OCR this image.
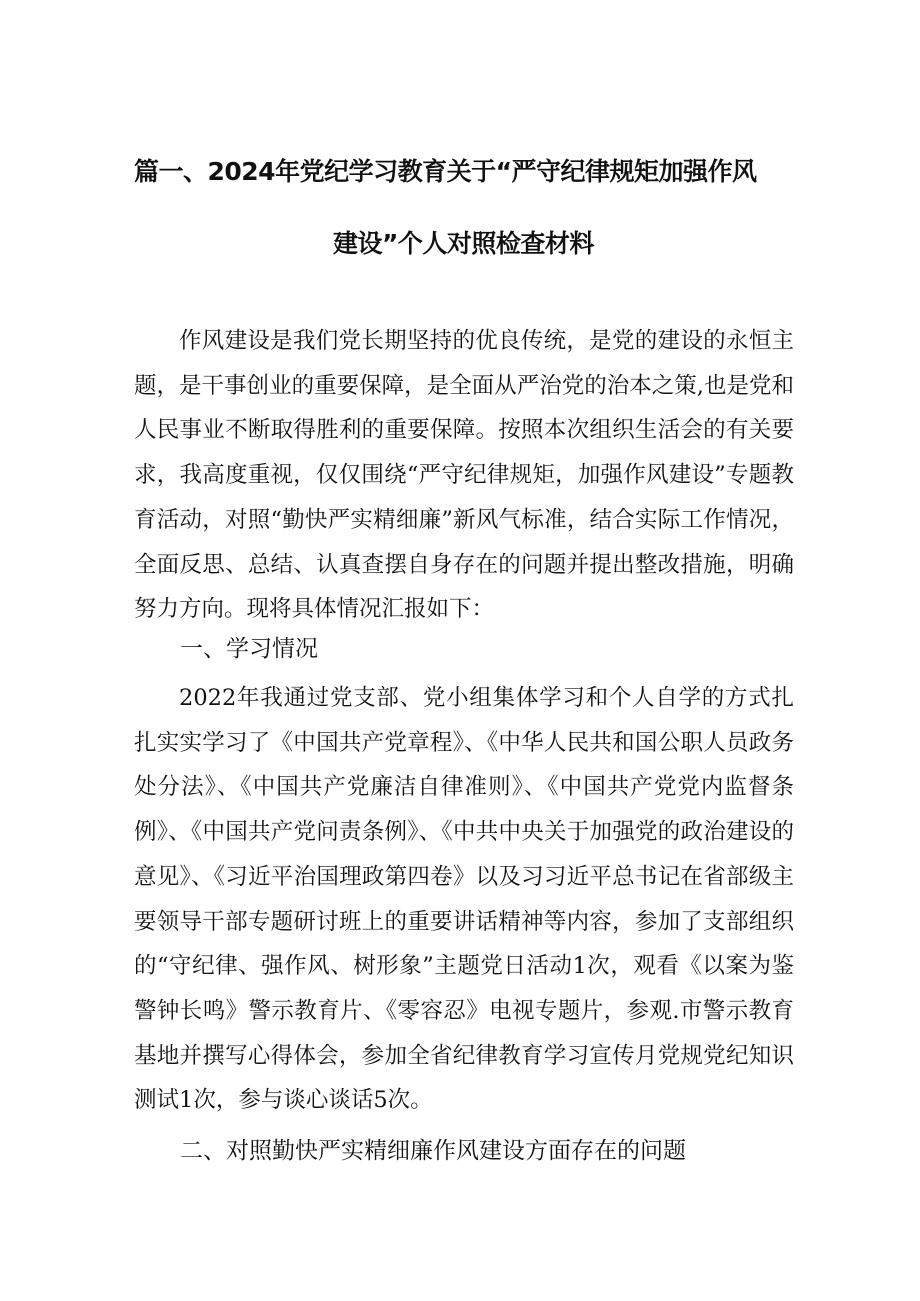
篇一、2024年党纪学习教育关于“严守纪律规矩加强作风
建设”个人对照检查材料

作风建设是我们党长期坚持的优良传统，是党的建设的永恒主题，是干事创业的重要保障，是全面从严治党的治本之策,也是党和人民事业不断取得胜利的重要保障。按照本次组织生活会的有关要求，我高度重视，仅仅围绕“严守纪律规矩，加强作风建设”专题教育活动，对照“勤快严实精细廉”新风气标准，结合实际工作情况，全面反思、总结、认真查摆自身存在的问题并提出整改措施，明确努力方向。现将具体情况汇报如下：

一、学习情况

2022年我通过党支部、党小组集体学习和个人自学的方式扎扎实实学习了《中国共产党章程》、《中华人民共和国公职人员政务处分法》、《中国共产党廉洁自律准则》、《中国共产党党内监督条例》、《中国共产党问责条例》、《中共中央关于加强党的政治建设的意见》、《习近平治国理政第四卷》以及习习近平总书记在省部级主要领导干部专题研讨班上的重要讲话精神等内容，参加了支部组织的“守纪律、强作风、树形象”主题党日活动1次，观看《以案为鉴警钟长鸣》警示教育片、《零容忍》电视专题片，参观.市警示教育基地并撰写心得体会，参加全省纪律教育学习宣传月党规党纪知识测试1次，参与谈心谈话5次。

二、对照勤快严实精细廉作风建设方面存在的问题
